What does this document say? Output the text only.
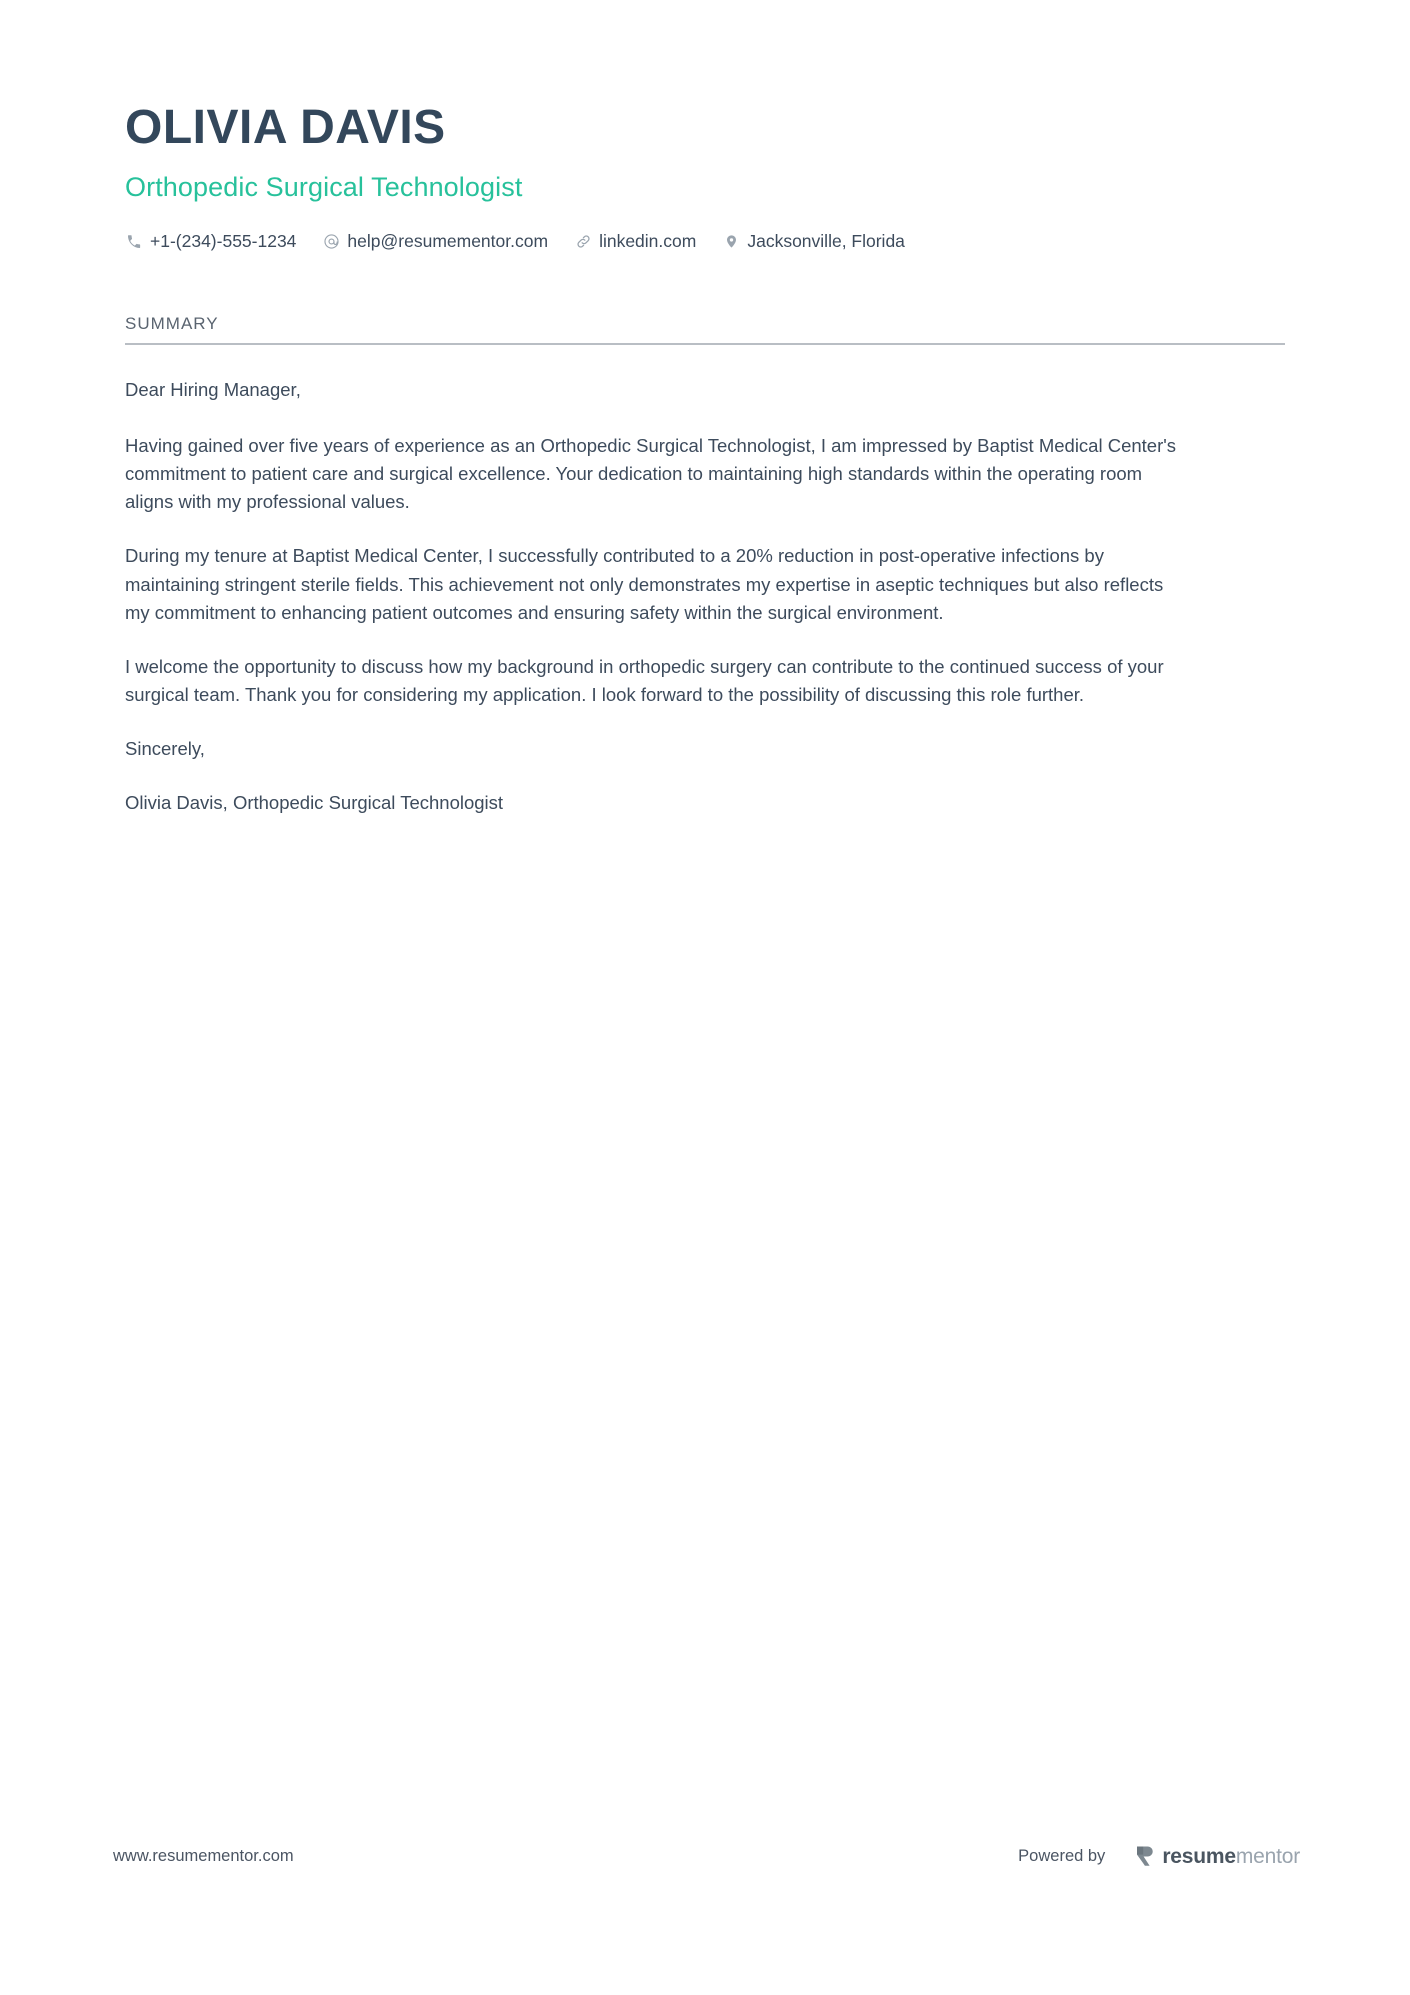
OLIVIA DAVIS
Orthopedic Surgical Technologist
+1-(234)-555-1234	help@resumementor.com	linkedin.com	Jacksonville, Florida
SUMMARY

Dear Hiring Manager,

Having gained over five years of experience as an Orthopedic Surgical Technologist, I am impressed by Baptist Medical Center's commitment to patient care and surgical excellence. Your dedication to maintaining high standards within the operating room aligns with my professional values.

During my tenure at Baptist Medical Center, I successfully contributed to a 20% reduction in post-operative infections by maintaining stringent sterile fields. This achievement not only demonstrates my expertise in aseptic techniques but also reflects my commitment to enhancing patient outcomes and ensuring safety within the surgical environment.

I welcome the opportunity to discuss how my background in orthopedic surgery can contribute to the continued success of your surgical team. Thank you for considering my application. I look forward to the possibility of discussing this role further.

Sincerely,

Olivia Davis, Orthopedic Surgical Technologist

www.resumementor.com	Powered by	resumementor
